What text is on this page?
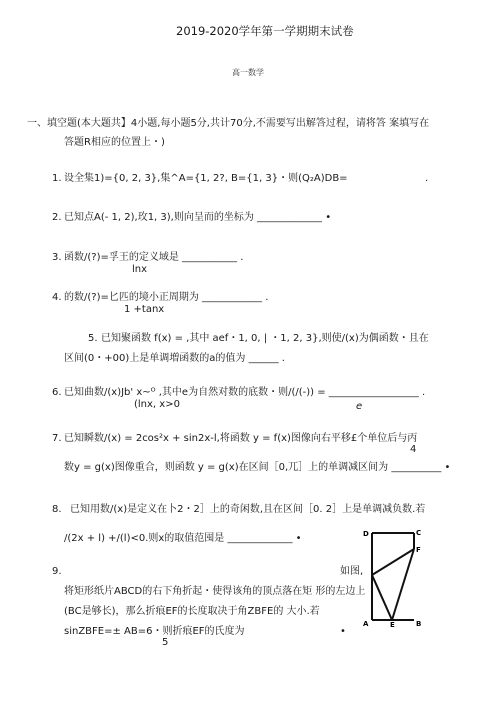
2019-2020学年第一学期期末试卷
高一数学
一、填空题(本大题共】4小题,每小题5分,共计70分,不需要写出解答过程，请将答 案填写在
答题R相应的位置上・)
1. 设全集1)={0, 2, 3},集^A={1, 2?, B={1, 3}・则(Q₂A)DB=	.
2. 已知点A(- 1, 2),玫1, 3),则向呈而的坐标为 _____________ •
3. 函数/(?)=孚王的定义域是 ___________ .
lnx
4. 的数/(?)=匕匹的境小正周期为 ____________ .
1 +tanx
5. 已知聚函数 f(x) = ,其中 aef・1, 0, | ・1, 2, 3},则使/(x)为偶函数・且在
区间(0・+00)上是单调増函数的a的值为 ______ .
6. 已知曲数/(x)Jb' x~ᴼ ,其中e为自然对数的底数・则/(/(-)) = __________________ .
(lnx, x>0	e
7. 已知瞬数/(x) = 2cos²x + sin2x-l,将函数 y = f(x)图像向右平移£个单位后与丙
4
数y = g(x)图像重合，则函数 y = g(x)在区间［0,兀］上的单调减区间为 __________ •
8. 已知用数/(x)是定义在卜2・2］上的奇闲数,且在区间［0. 2］上是单调减负数.若
/(2x + l) +/(l)<0.则x的取值范囤是 _____________ •
9.	如图,
将矩形纸片ABCD的右下角折起・使得该角的顶点落在矩 形的左边上
(BC是够长)，那么折痕EF的长度取决于角ZBFE的 大小.若
sinZBFE=± AB=6・则折痕EF的氏度为	•
5
D	C
F
A	E	B
